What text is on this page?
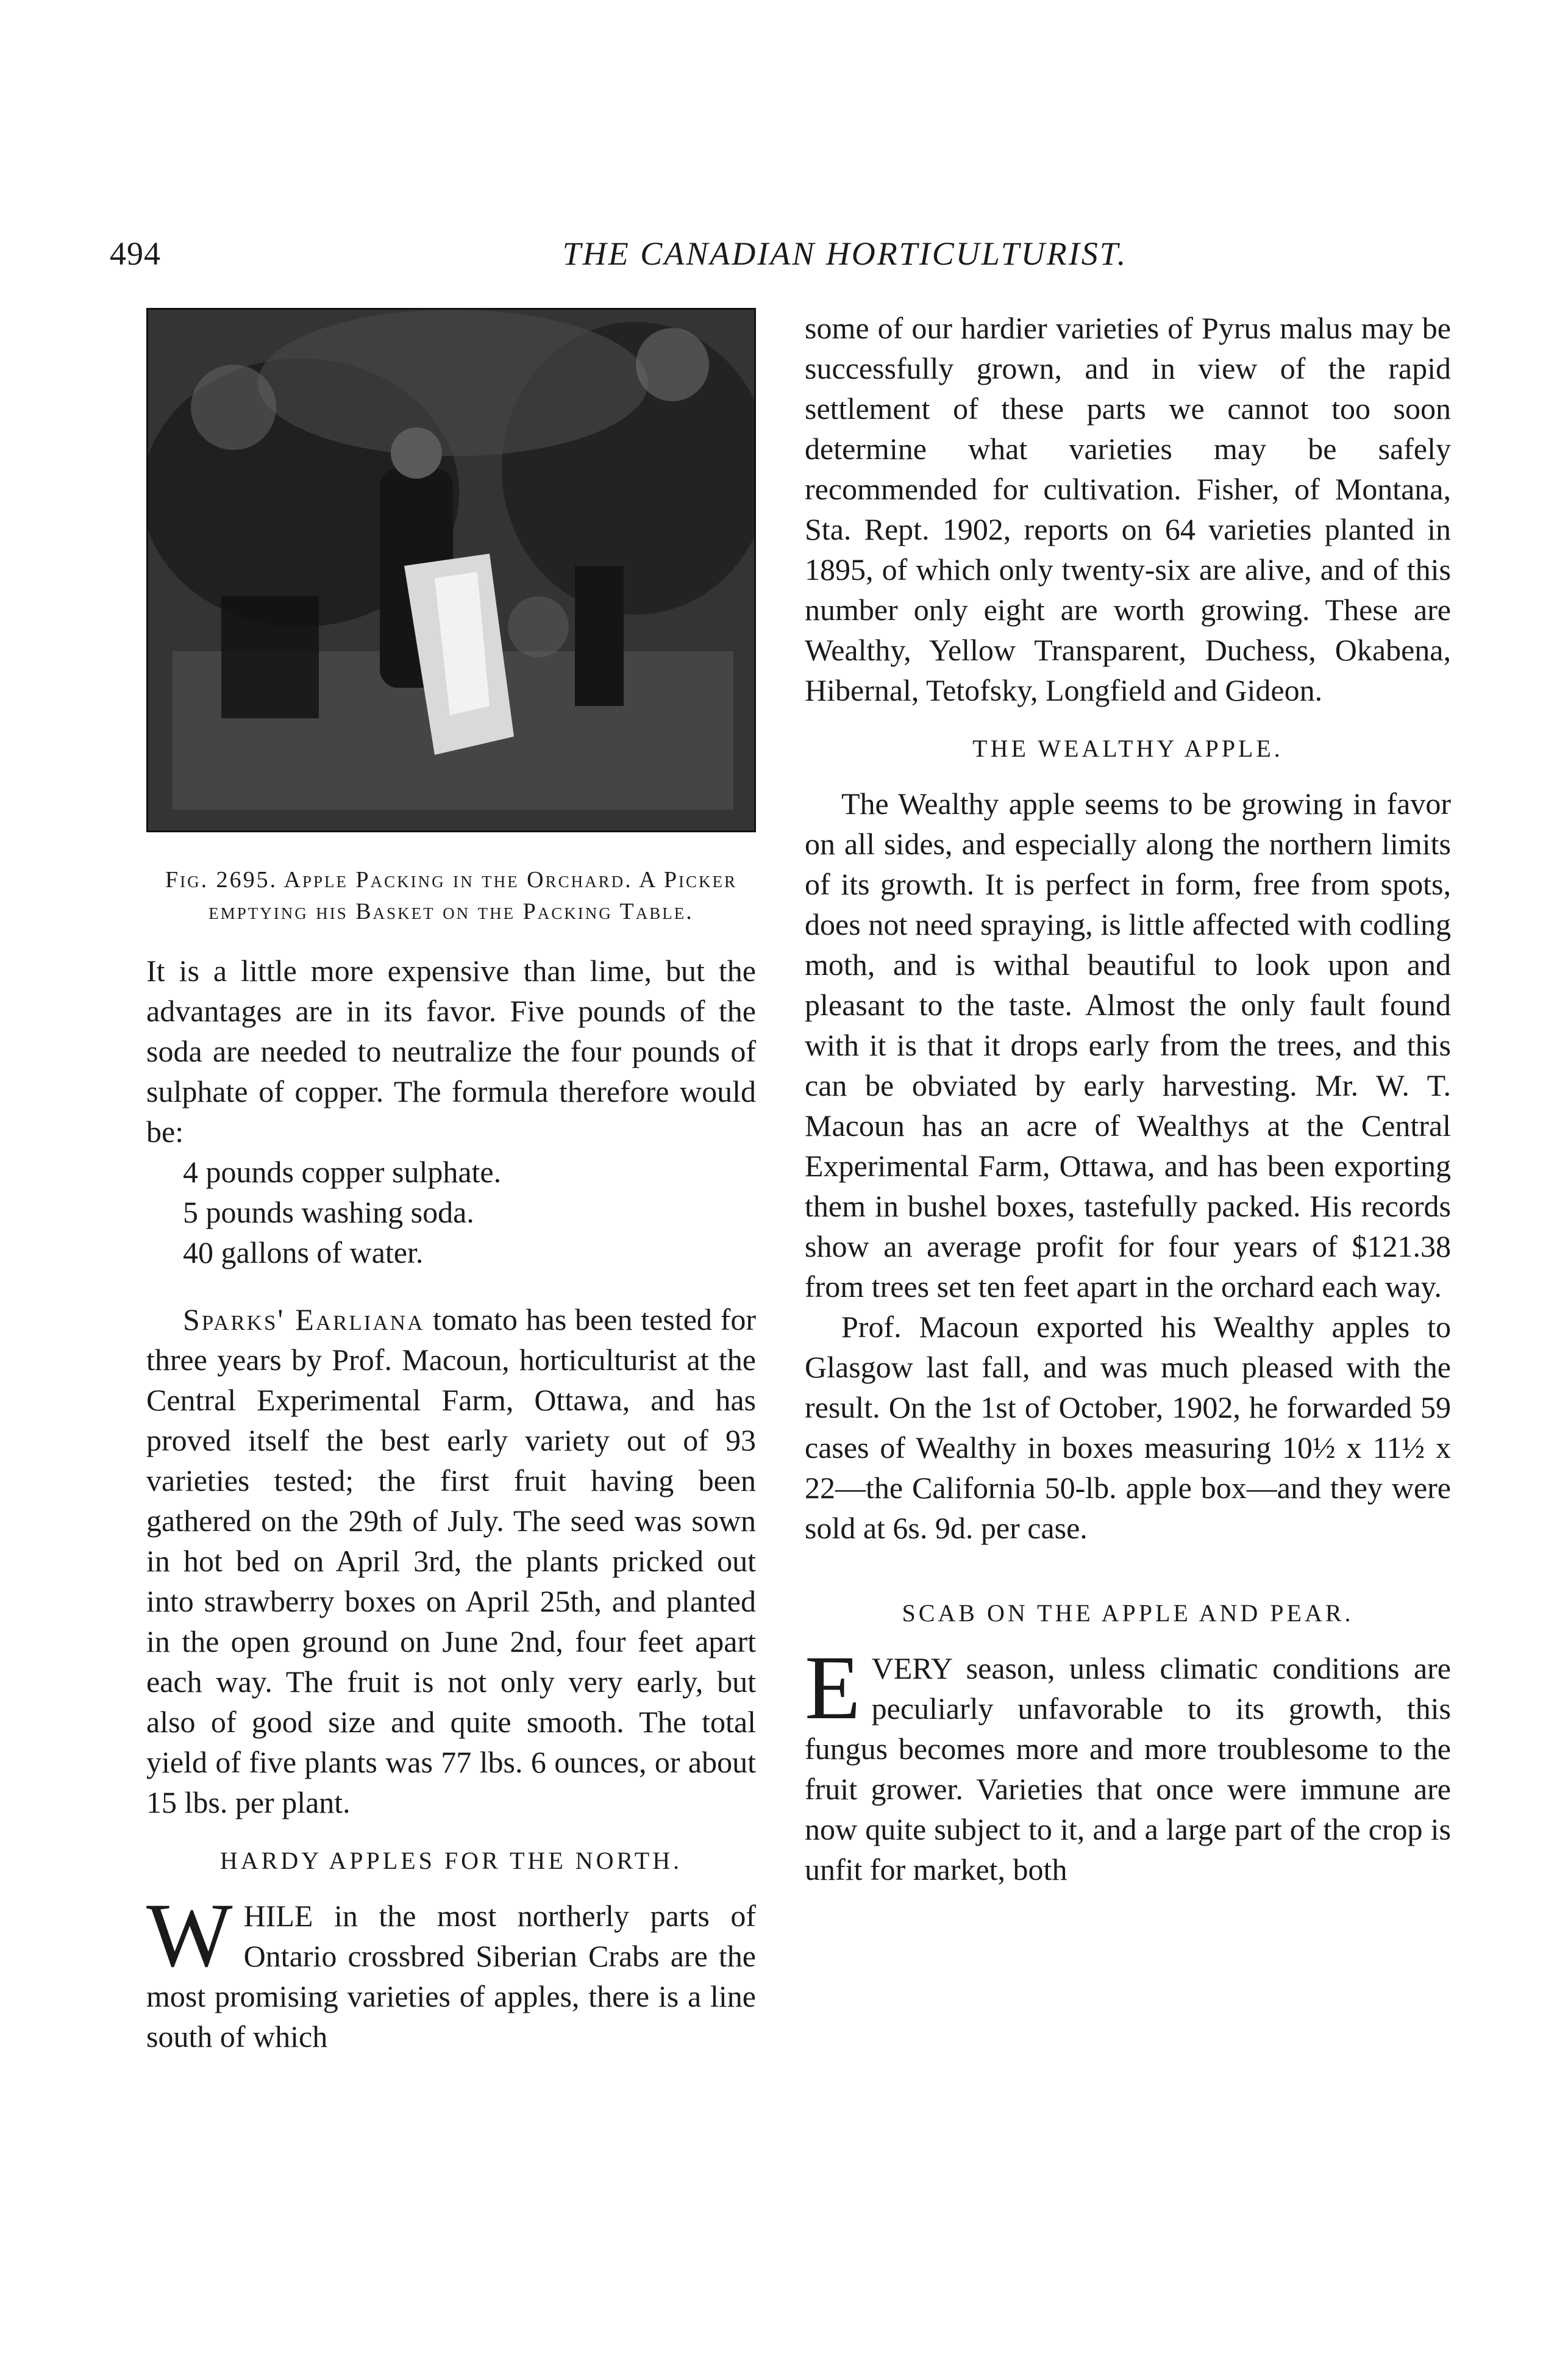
494	THE CANADIAN HORTICULTURIST.
Fig. 2695. Apple Packing in the Orchard. A Picker emptying his Basket on the Packing Table.

It is a little more expensive than lime, but the advantages are in its favor. Five pounds of the soda are needed to neutralize the four pounds of sulphate of copper. The formula therefore would be:

4 pounds copper sulphate.
5 pounds washing soda.
40 gallons of water.

Sparks' Earliana tomato has been tested for three years by Prof. Macoun, horticulturist at the Central Experimental Farm, Ottawa, and has proved itself the best early variety out of 93 varieties tested; the first fruit having been gathered on the 29th of July. The seed was sown in hot bed on April 3rd, the plants pricked out into strawberry boxes on April 25th, and planted in the open ground on June 2nd, four feet apart each way. The fruit is not only very early, but also of good size and quite smooth. The total yield of five plants was 77 lbs. 6 ounces, or about 15 lbs. per plant.

HARDY APPLES FOR THE NORTH.

WHILE in the most northerly parts of Ontario crossbred Siberian Crabs are the most promising varieties of apples, there is a line south of which

some of our hardier varieties of Pyrus malus may be successfully grown, and in view of the rapid settlement of these parts we cannot too soon determine what varieties may be safely recommended for cultivation. Fisher, of Montana, Sta. Rept. 1902, reports on 64 varieties planted in 1895, of which only twenty-six are alive, and of this number only eight are worth growing. These are Wealthy, Yellow Transparent, Duchess, Okabena, Hibernal, Tetofsky, Longfield and Gideon.

THE WEALTHY APPLE.

The Wealthy apple seems to be growing in favor on all sides, and especially along the northern limits of its growth. It is perfect in form, free from spots, does not need spraying, is little affected with codling moth, and is withal beautiful to look upon and pleasant to the taste. Almost the only fault found with it is that it drops early from the trees, and this can be obviated by early harvesting. Mr. W. T. Macoun has an acre of Wealthys at the Central Experimental Farm, Ottawa, and has been exporting them in bushel boxes, tastefully packed. His records show an average profit for four years of $121.38 from trees set ten feet apart in the orchard each way.

Prof. Macoun exported his Wealthy apples to Glasgow last fall, and was much pleased with the result. On the 1st of October, 1902, he forwarded 59 cases of Wealthy in boxes measuring 10½ x 11½ x 22—the California 50-lb. apple box—and they were sold at 6s. 9d. per case.

SCAB ON THE APPLE AND PEAR.

EVERY season, unless climatic conditions are peculiarly unfavorable to its growth, this fungus becomes more and more troublesome to the fruit grower. Varieties that once were immune are now quite subject to it, and a large part of the crop is unfit for market, both
